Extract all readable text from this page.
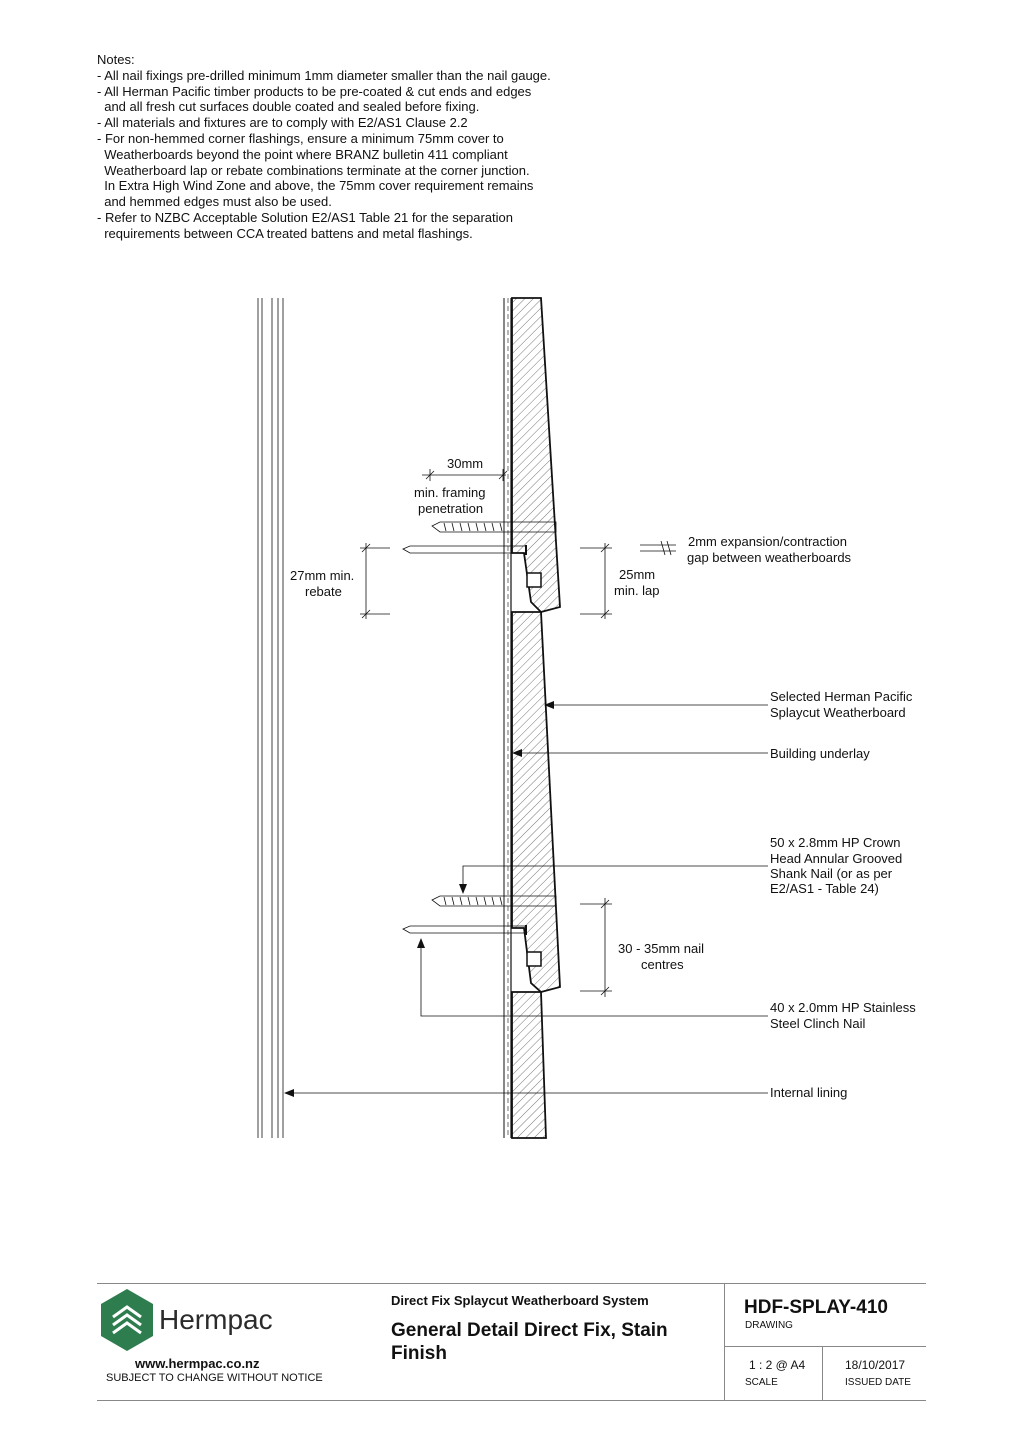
Notes:
- All nail fixings pre-drilled minimum 1mm diameter smaller than the nail gauge.
- All Herman Pacific timber products to be pre-coated & cut ends and edges
and all fresh cut surfaces double coated and sealed before fixing.
- All materials and fixtures are to comply with E2/AS1 Clause 2.2
- For non-hemmed corner flashings, ensure a minimum 75mm cover to
Weatherboards beyond the point where BRANZ bulletin 411 compliant
Weatherboard lap or rebate combinations terminate at the corner junction.
In Extra High Wind Zone and above, the 75mm cover requirement remains
and hemmed edges must also be used.
- Refer to NZBC Acceptable Solution E2/AS1 Table 21 for the separation
requirements between CCA treated battens and metal flashings.
30mm
min. framing
penetration
27mm min.
rebate
25mm
min. lap
2mm expansion/contraction
gap between weatherboards
30 - 35mm nail
centres
Selected Herman Pacific
Splaycut Weatherboard
Building underlay
50 x 2.8mm HP Crown
Head Annular Grooved
Shank Nail (or as per
E2/AS1 - Table 24)
40 x 2.0mm HP Stainless
Steel Clinch Nail
Internal lining
Hermpac
www.hermpac.co.nz
SUBJECT TO CHANGE WITHOUT NOTICE
Direct Fix Splaycut Weatherboard System
General Detail Direct Fix, Stain Finish
HDF-SPLAY-410
DRAWING
1 : 2 @ A4
SCALE
18/10/2017
ISSUED DATE
